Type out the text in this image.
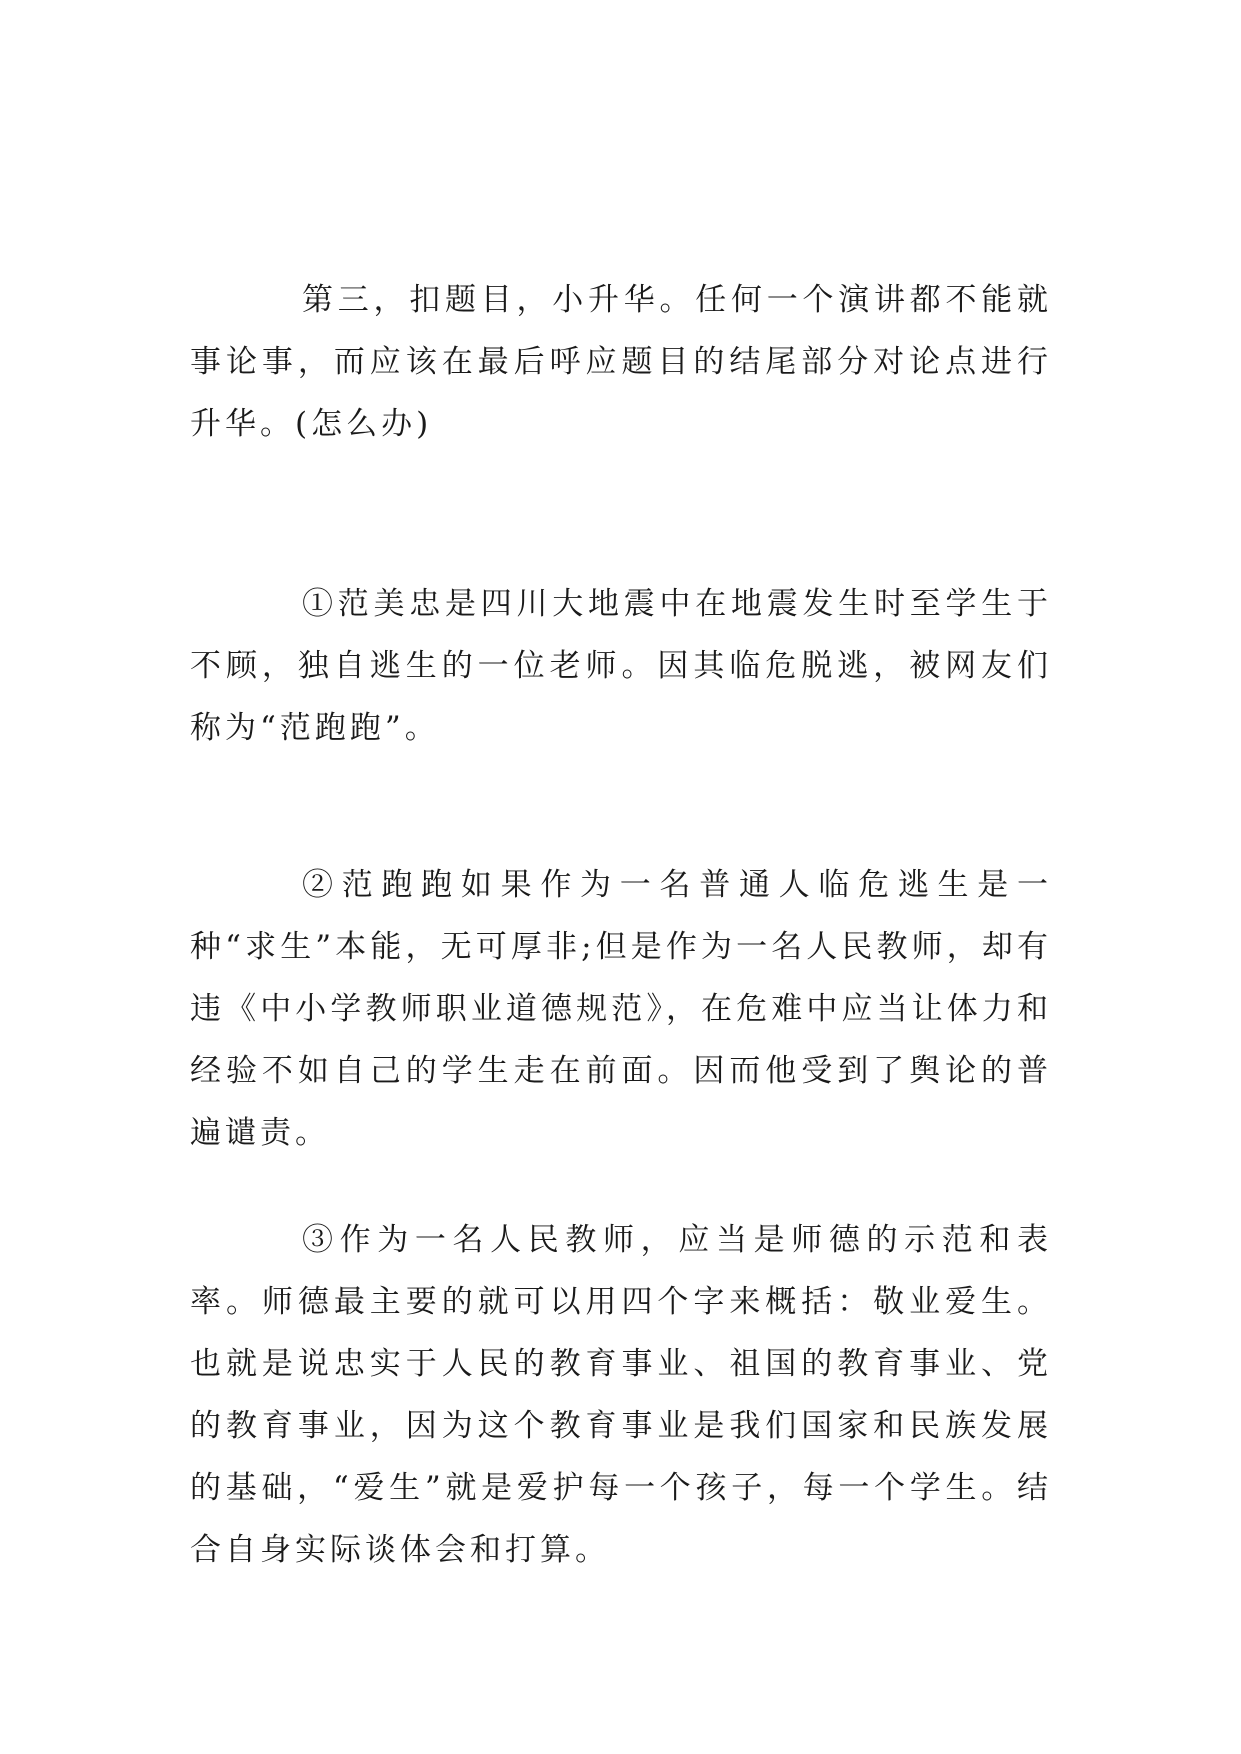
第三，扣题目，小升华。任何一个演讲都不能就事论事，而应该在最后呼应题目的结尾部分对论点进行升华。(怎么办)

①范美忠是四川大地震中在地震发生时至学生于不顾，独自逃生的一位老师。因其临危脱逃，被网友们称为“范跑跑”。

②范跑跑如果作为一名普通人临危逃生是一种“求生”本能，无可厚非;但是作为一名人民教师，却有违《中小学教师职业道德规范》，在危难中应当让体力和经验不如自己的学生走在前面。因而他受到了舆论的普遍谴责。

③作为一名人民教师，应当是师德的示范和表率。师德最主要的就可以用四个字来概括：敬业爱生。也就是说忠实于人民的教育事业、祖国的教育事业、党的教育事业，因为这个教育事业是我们国家和民族发展的基础，“爱生”就是爱护每一个孩子，每一个学生。结合自身实际谈体会和打算。
